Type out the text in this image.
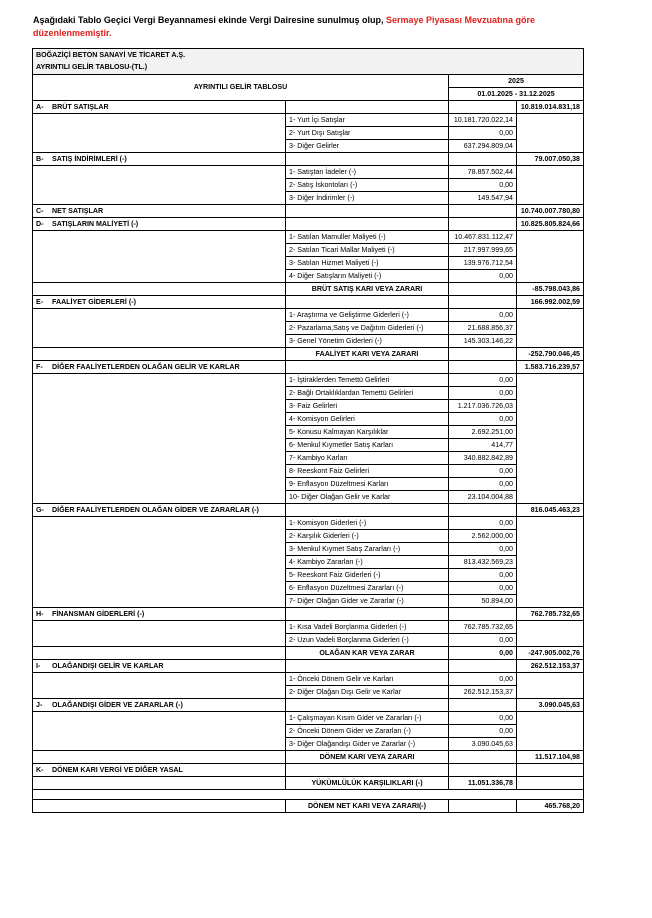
Aşağıdaki Tablo Geçici Vergi Beyannamesi ekinde Vergi Dairesine sunulmuş olup, Sermaye Piyasası Mevzuatına göre düzenlenmemiştir.
BOĞAZİÇİ BETON SANAYİ VE TİCARET A.Ş.			
AYRINTILI GELİR TABLOSU-(TL.)			
AYRINTILI GELİR TABLOSU		2025	
		01.01.2025 - 31.12.2025	
A- BRÜT SATIŞLAR			10.819.014.831,18
	1- Yurt İçi Satışlar	10.181.720.022,14	
	2- Yurt Dışı Satışlar	0,00	
	3- Diğer Gelirler	637.294.809,04	
B- SATIŞ İNDİRİMLERİ (-)			79.007.050,38
	1- Satıştan İadeler (-)	78.857.502,44	
	2- Satış İskontoları (-)	0,00	
	3- Diğer İndirimler (-)	149.547,94	
C- NET SATIŞLAR			10.740.007.780,80
D- SATIŞLARIN MALİYETİ (-)			10.825.805.824,66
	1- Satılan Mamuller Maliyeti (-)	10.467.831.112,47	
	2- Satılan Ticari Mallar Maliyeti (-)	217.997.999,65	
	3- Satılan Hizmet Maliyeti (-)	139.976.712,54	
	4- Diğer Satışların Maliyeti (-)	0,00	
	BRÜT SATIŞ KARI VEYA ZARARI		-85.798.043,86
E- FAALİYET GİDERLERİ (-)			166.992.002,59
	1- Araştırma ve Geliştirme Giderleri (-)	0,00	
	2- Pazarlama,Satış ve Dağıtım Giderleri (-)	21.688.856,37	
	3- Genel Yönetim Giderleri (-)	145.303.146,22	
	FAALİYET KARI VEYA ZARARI		-252.790.046,45
F- DİĞER FAALİYETLERDEN OLAĞAN GELİR VE KARLAR			1.583.716.239,57
	1- İştiraklerden Temettü Gelirleri	0,00	
	2- Bağlı Ortaklıklardan Temettü Gelirleri	0,00	
	3- Faiz Gelirleri	1.217.036.726,03	
	4- Komisyon Gelirleri	0,00	
	5- Konusu Kalmayan Karşılıklar	2.692.251,00	
	6- Menkul Kıymetler Satış Karları	414,77	
	7- Kambiyo Karları	340.882.842,89	
	8- Reeskont Faiz Gelirleri	0,00	
	9- Enflasyon Düzeltmesi Karları	0,00	
	10- Diğer Olağan Gelir ve Karlar	23.104.004,88	
G- DİĞER FAALİYETLERDEN OLAĞAN GİDER VE ZARARLAR (-)			816.045.463,23
	1- Komisyon Giderleri (-)	0,00	
	2- Karşılık Giderleri (-)	2.562.000,00	
	3- Menkul Kıymet Satış Zararları (-)	0,00	
	4- Kambiyo Zararları (-)	813.432.569,23	
	5- Reeskont Faiz Giderleri (-)	0,00	
	6- Enflasyon Düzeltmesi Zararları (-)	0,00	
	7- Diğer Olağan Gider ve Zararlar (-)	50.894,00	
H- FİNANSMAN GİDERLERİ (-)			762.785.732,65
	1- Kısa Vadeli Borçlanma Giderleri (-)	762.785.732,65	
	2- Uzun Vadeli Borçlanma Giderleri (-)	0,00	
	OLAĞAN KAR VEYA ZARAR	0,00	-247.905.002,76
I- OLAĞANDIŞI GELİR VE KARLAR			262.512.153,37
	1- Önceki Dönem Gelir ve Karları	0,00	
	2- Diğer Olağan Dışı Gelir ve Karlar	262.512.153,37	
J- OLAĞANDIŞI GİDER VE ZARARLAR (-)			3.090.045,63
	1- Çalışmayan Kısım Gider ve Zararları (-)	0,00	
	2- Önceki Dönem Gider ve Zararları (-)	0,00	
	3- Diğer Olağandışı Gider ve Zararlar (-)	3.090.045,63	
	DÖNEM KARI VEYA ZARARI		11.517.104,98
K- DÖNEM KARI VERGİ VE DİĞER YASAL			
	YÜKÜMLÜLÜK KARŞILIKLARI (-)	11.051.336,78	

	DÖNEM NET KARI VEYA ZARARI(-)		465.768,20
